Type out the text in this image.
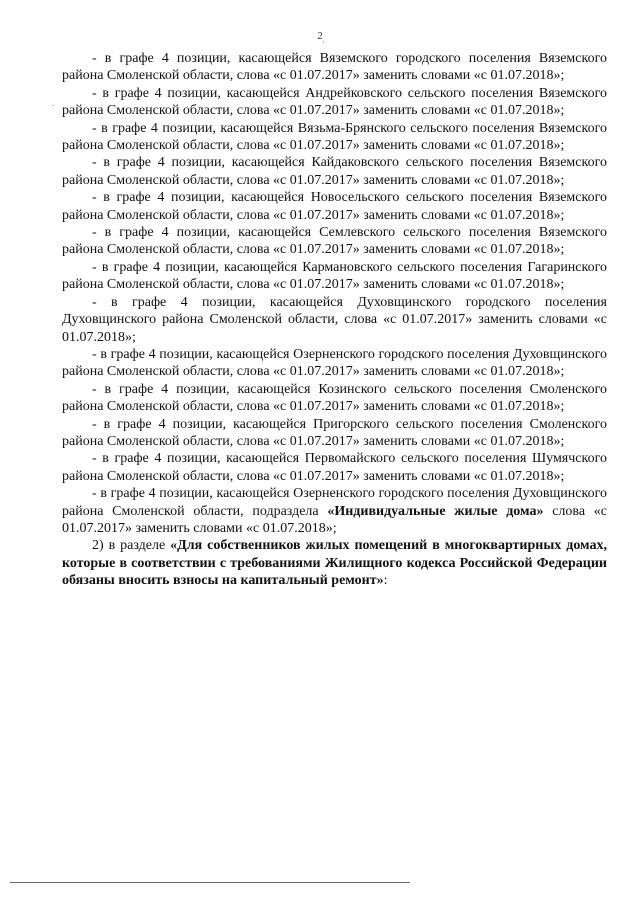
2
`
.

- в графе 4 позиции, касающейся Вяземского городского поселения Вяземского района Смоленской области, слова «с 01.07.2017» заменить словами «с 01.07.2018»;

- в графе 4 позиции, касающейся Андрейковского сельского поселения Вяземского района Смоленской области, слова «с 01.07.2017» заменить словами «с 01.07.2018»;

- в графе 4 позиции, касающейся Вязьма-Брянского сельского поселения Вяземского района Смоленской области, слова «с 01.07.2017» заменить словами «с 01.07.2018»;

- в графе 4 позиции, касающейся Кайдаковского сельского поселения Вяземского района Смоленской области, слова «с 01.07.2017» заменить словами «с 01.07.2018»;

- в графе 4 позиции, касающейся Новосельского сельского поселения Вяземского района Смоленской области, слова «с 01.07.2017» заменить словами «с 01.07.2018»;

- в графе 4 позиции, касающейся Семлевского сельского поселения Вяземского района Смоленской области, слова «с 01.07.2017» заменить словами «с 01.07.2018»;

- в графе 4 позиции, касающейся Кармановского сельского поселения Гагаринского района Смоленской области, слова «с 01.07.2017» заменить словами «с 01.07.2018»;

- в графе 4 позиции, касающейся Духовщинского городского поселения Духовщинского района Смоленской области, слова «с 01.07.2017» заменить словами «с 01.07.2018»;

- в графе 4 позиции, касающейся Озерненского городского поселения Духовщинского района Смоленской области, слова «с 01.07.2017» заменить словами «с 01.07.2018»;

- в графе 4 позиции, касающейся Козинского сельского поселения Смоленского района Смоленской области, слова «с 01.07.2017» заменить словами «с 01.07.2018»;

- в графе 4 позиции, касающейся Пригорского сельского поселения Смоленского района Смоленской области, слова «с 01.07.2017» заменить словами «с 01.07.2018»;

- в графе 4 позиции, касающейся Первомайского сельского поселения Шумячского района Смоленской области, слова «с 01.07.2017» заменить словами «с 01.07.2018»;

- в графе 4 позиции, касающейся Озерненского городского поселения Духовщинского района Смоленской области, подраздела «Индивидуальные жилые дома» слова «с 01.07.2017» заменить словами «с 01.07.2018»;

2) в разделе «Для собственников жилых помещений в многоквартирных домах, которые в соответствии с требованиями Жилищного кодекса Российской Федерации обязаны вносить взносы на капитальный ремонт»:
